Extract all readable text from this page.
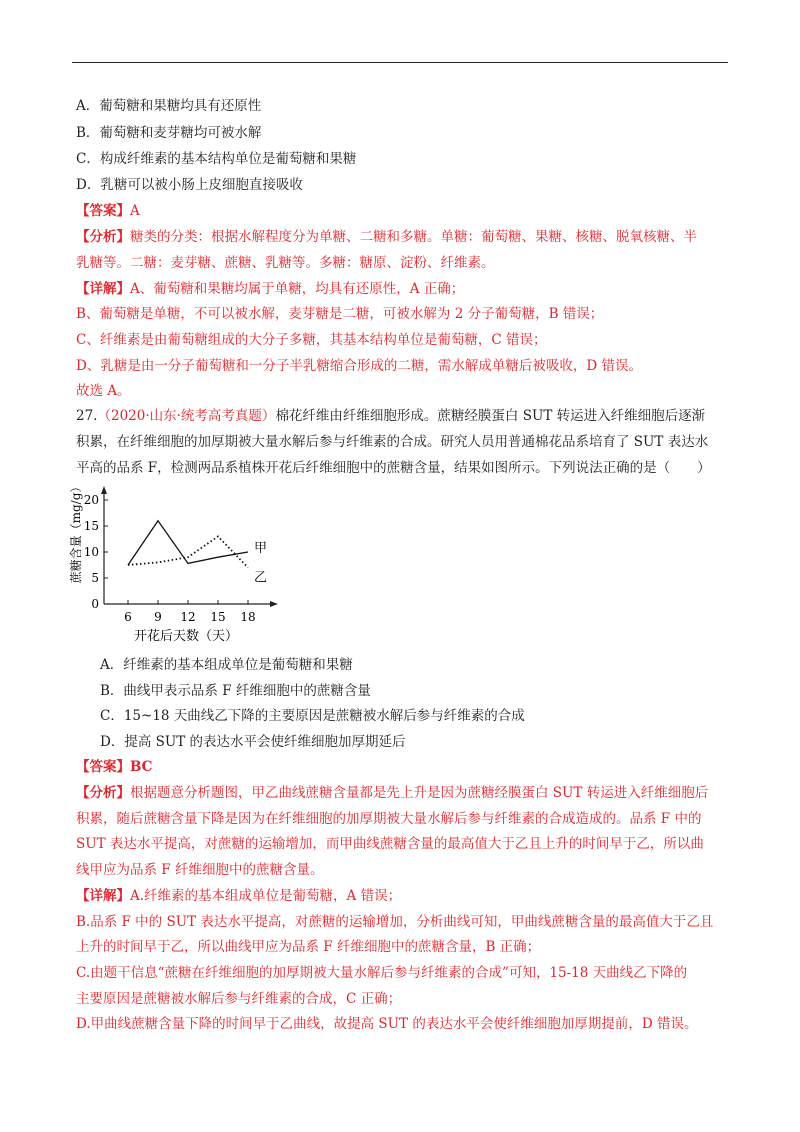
A．葡萄糖和果糖均具有还原性
B．葡萄糖和麦芽糖均可被水解
C．构成纤维素的基本结构单位是葡萄糖和果糖
D．乳糖可以被小肠上皮细胞直接吸收
【答案】A
【分析】糖类的分类：根据水解程度分为单糖、二糖和多糖。单糖：葡萄糖、果糖、核糖、脱氧核糖、半
乳糖等。二糖：麦芽糖、蔗糖、乳糖等。多糖：糖原、淀粉、纤维素。
【详解】A、葡萄糖和果糖均属于单糖，均具有还原性，A 正确；
B、葡萄糖是单糖，不可以被水解，麦芽糖是二糖，可被水解为 2 分子葡萄糖，B 错误；
C、纤维素是由葡萄糖组成的大分子多糖，其基本结构单位是葡萄糖，C 错误；
D、乳糖是由一分子葡萄糖和一分子半乳糖缩合形成的二糖，需水解成单糖后被吸收，D 错误。
故选 A。
27.（2020·山东·统考高考真题）棉花纤维由纤维细胞形成。蔗糖经膜蛋白 SUT 转运进入纤维细胞后逐渐
积累，在纤维细胞的加厚期被大量水解后参与纤维素的合成。研究人员用普通棉花品系培育了 SUT 表达水
平高的品系 F，检测两品系植株开花后纤维细胞中的蔗糖含量，结果如图所示。下列说法正确的是（　　）
蔗糖含量（mg/g）
开花后天数（天）
6 9 12 15 18
0
5
10
15
20
甲
乙
A．纤维素的基本组成单位是葡萄糖和果糖
B．曲线甲表示品系 F 纤维细胞中的蔗糖含量
C．15~18 天曲线乙下降的主要原因是蔗糖被水解后参与纤维素的合成
D．提高 SUT 的表达水平会使纤维细胞加厚期延后
【答案】BC
【分析】根据题意分析题图，甲乙曲线蔗糖含量都是先上升是因为蔗糖经膜蛋白 SUT 转运进入纤维细胞后
积累，随后蔗糖含量下降是因为在纤维细胞的加厚期被大量水解后参与纤维素的合成造成的。品系 F 中的
SUT 表达水平提高，对蔗糖的运输增加，而甲曲线蔗糖含量的最高值大于乙且上升的时间早于乙，所以曲
线甲应为品系 F 纤维细胞中的蔗糖含量。
【详解】A.纤维素的基本组成单位是葡萄糖，A 错误；
B.品系 F 中的 SUT 表达水平提高，对蔗糖的运输增加，分析曲线可知，甲曲线蔗糖含量的最高值大于乙且
上升的时间早于乙，所以曲线甲应为品系 F 纤维细胞中的蔗糖含量，B 正确；
C.由题干信息“蔗糖在纤维细胞的加厚期被大量水解后参与纤维素的合成”可知，15-18 天曲线乙下降的
主要原因是蔗糖被水解后参与纤维素的合成，C 正确；
D.甲曲线蔗糖含量下降的时间早于乙曲线，故提高 SUT 的表达水平会使纤维细胞加厚期提前，D 错误。
